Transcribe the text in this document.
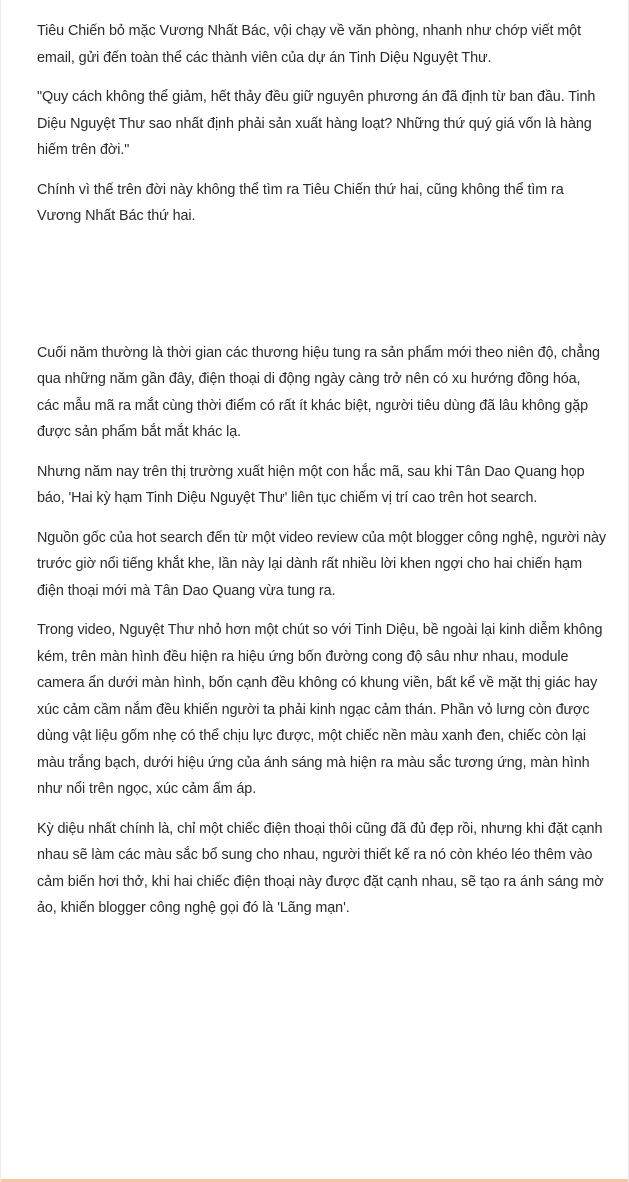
Tiêu Chiến bỏ mặc Vương Nhất Bác, vội chạy về văn phòng, nhanh như chớp viết một email, gửi đến toàn thể các thành viên của dự án Tinh Diệu Nguyệt Thư.

"Quy cách không thể giảm, hết thảy đều giữ nguyên phương án đã định từ ban đầu. Tinh Diệu Nguyệt Thư sao nhất định phải sản xuất hàng loạt? Những thứ quý giá vốn là hàng hiếm trên đời."

Chính vì thế trên đời này không thể tìm ra Tiêu Chiến thứ hai, cũng không thể tìm ra Vương Nhất Bác thứ hai.

Cuối năm thường là thời gian các thương hiệu tung ra sản phẩm mới theo niên độ, chẳng qua những năm gần đây, điện thoại di động ngày càng trở nên có xu hướng đồng hóa, các mẫu mã ra mắt cùng thời điểm có rất ít khác biệt, người tiêu dùng đã lâu không gặp được sản phẩm bắt mắt khác lạ.

Nhưng năm nay trên thị trường xuất hiện một con hắc mã, sau khi Tân Dao Quang họp báo, 'Hai kỳ hạm Tinh Diệu Nguyệt Thư' liên tục chiếm vị trí cao trên hot search.

Nguồn gốc của hot search đến từ một video review của một blogger công nghệ, người này trước giờ nổi tiếng khắt khe, lần này lại dành rất nhiều lời khen ngợi cho hai chiến hạm điện thoại mới mà Tân Dao Quang vừa tung ra.

Trong video, Nguyệt Thư nhỏ hơn một chút so với Tinh Diệu, bề ngoài lại kinh diễm không kém, trên màn hình đều hiện ra hiệu ứng bốn đường cong độ sâu như nhau, module camera ẩn dưới màn hình, bốn cạnh đều không có khung viền, bất kể về mặt thị giác hay xúc cảm cầm nắm đều khiến người ta phải kinh ngạc cảm thán. Phần vỏ lưng còn được dùng vật liệu gốm nhẹ có thể chịu lực được, một chiếc nền màu xanh đen, chiếc còn lại màu trắng bạch, dưới hiệu ứng của ánh sáng mà hiện ra màu sắc tương ứng, màn hình như nổi trên ngọc, xúc cảm ấm áp.

Kỳ diệu nhất chính là, chỉ một chiếc điện thoại thôi cũng đã đủ đẹp rồi, nhưng khi đặt cạnh nhau sẽ làm các màu sắc bổ sung cho nhau, người thiết kế ra nó còn khéo léo thêm vào cảm biến hơi thở, khi hai chiếc điện thoại này được đặt cạnh nhau, sẽ tạo ra ánh sáng mờ ảo, khiến blogger công nghệ gọi đó là 'Lãng mạn'.
